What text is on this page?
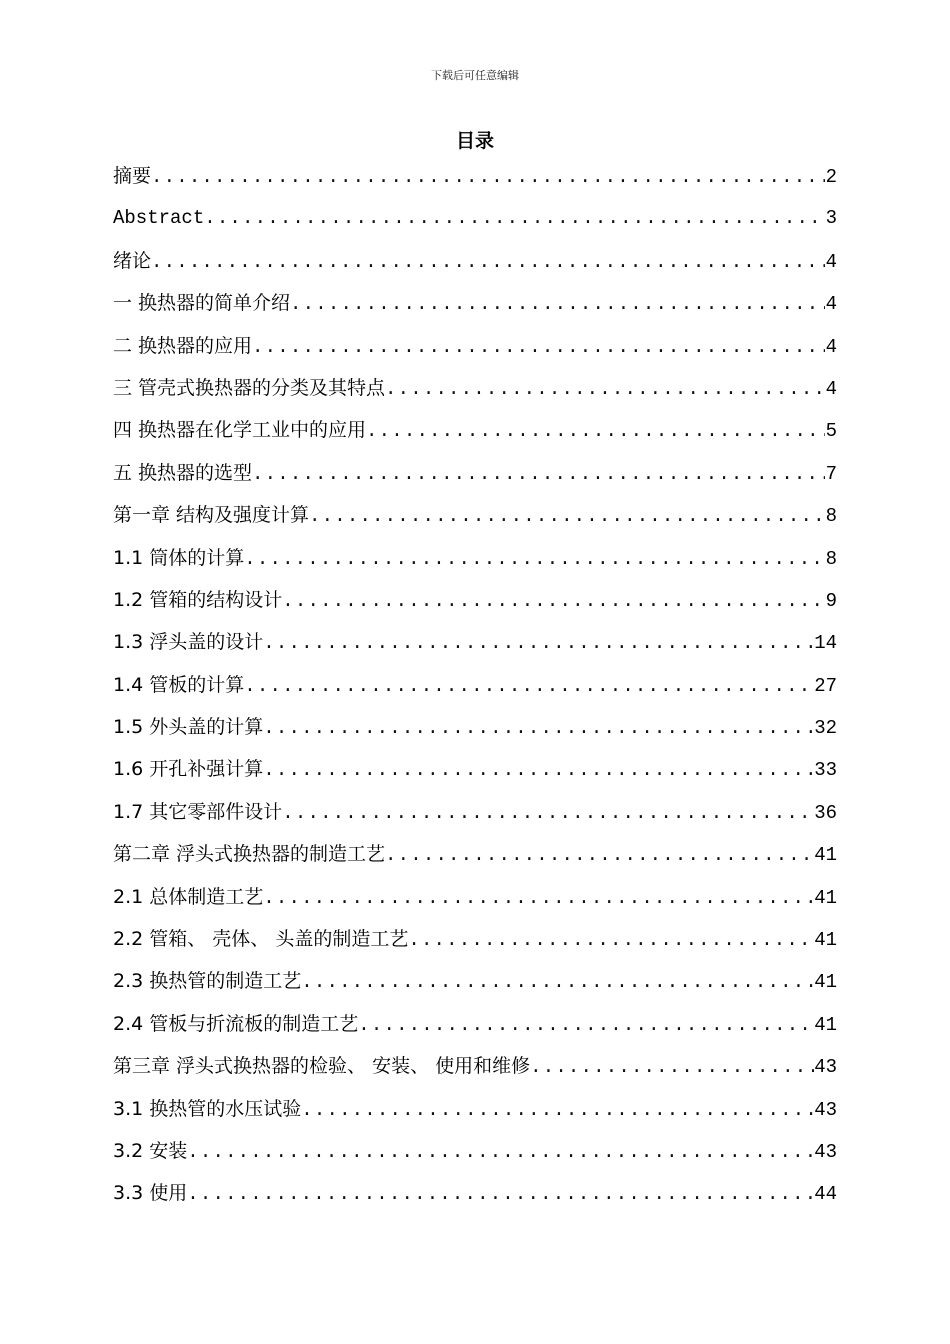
下载后可任意编辑
目录
摘要 .....	2
Abstract .....	3
绪论 .....	4
一 换热器的简单介绍 .....	4
二 换热器的应用 .....	4
三 管壳式换热器的分类及其特点 .....	4
四 换热器在化学工业中的应用 .....	5
五 换热器的选型 .....	7
第一章 结构及强度计算 .....	8
1.1 筒体的计算 .....	8
1.2 管箱的结构设计 .....	9
1.3 浮头盖的设计 .....	14
1.4 管板的计算 .....	27
1.5 外头盖的计算 .....	32
1.6 开孔补强计算 .....	33
1.7 其它零部件设计 .....	36
第二章 浮头式换热器的制造工艺 .....	41
2.1 总体制造工艺 .....	41
2.2 管箱、 壳体、 头盖的制造工艺 .....	41
2.3 换热管的制造工艺 .....	41
2.4 管板与折流板的制造工艺 .....	41
第三章 浮头式换热器的检验、 安装、 使用和维修 .....	43
3.1 换热管的水压试验 .....	43
3.2 安装 .....	43
3.3 使用 .....	44
